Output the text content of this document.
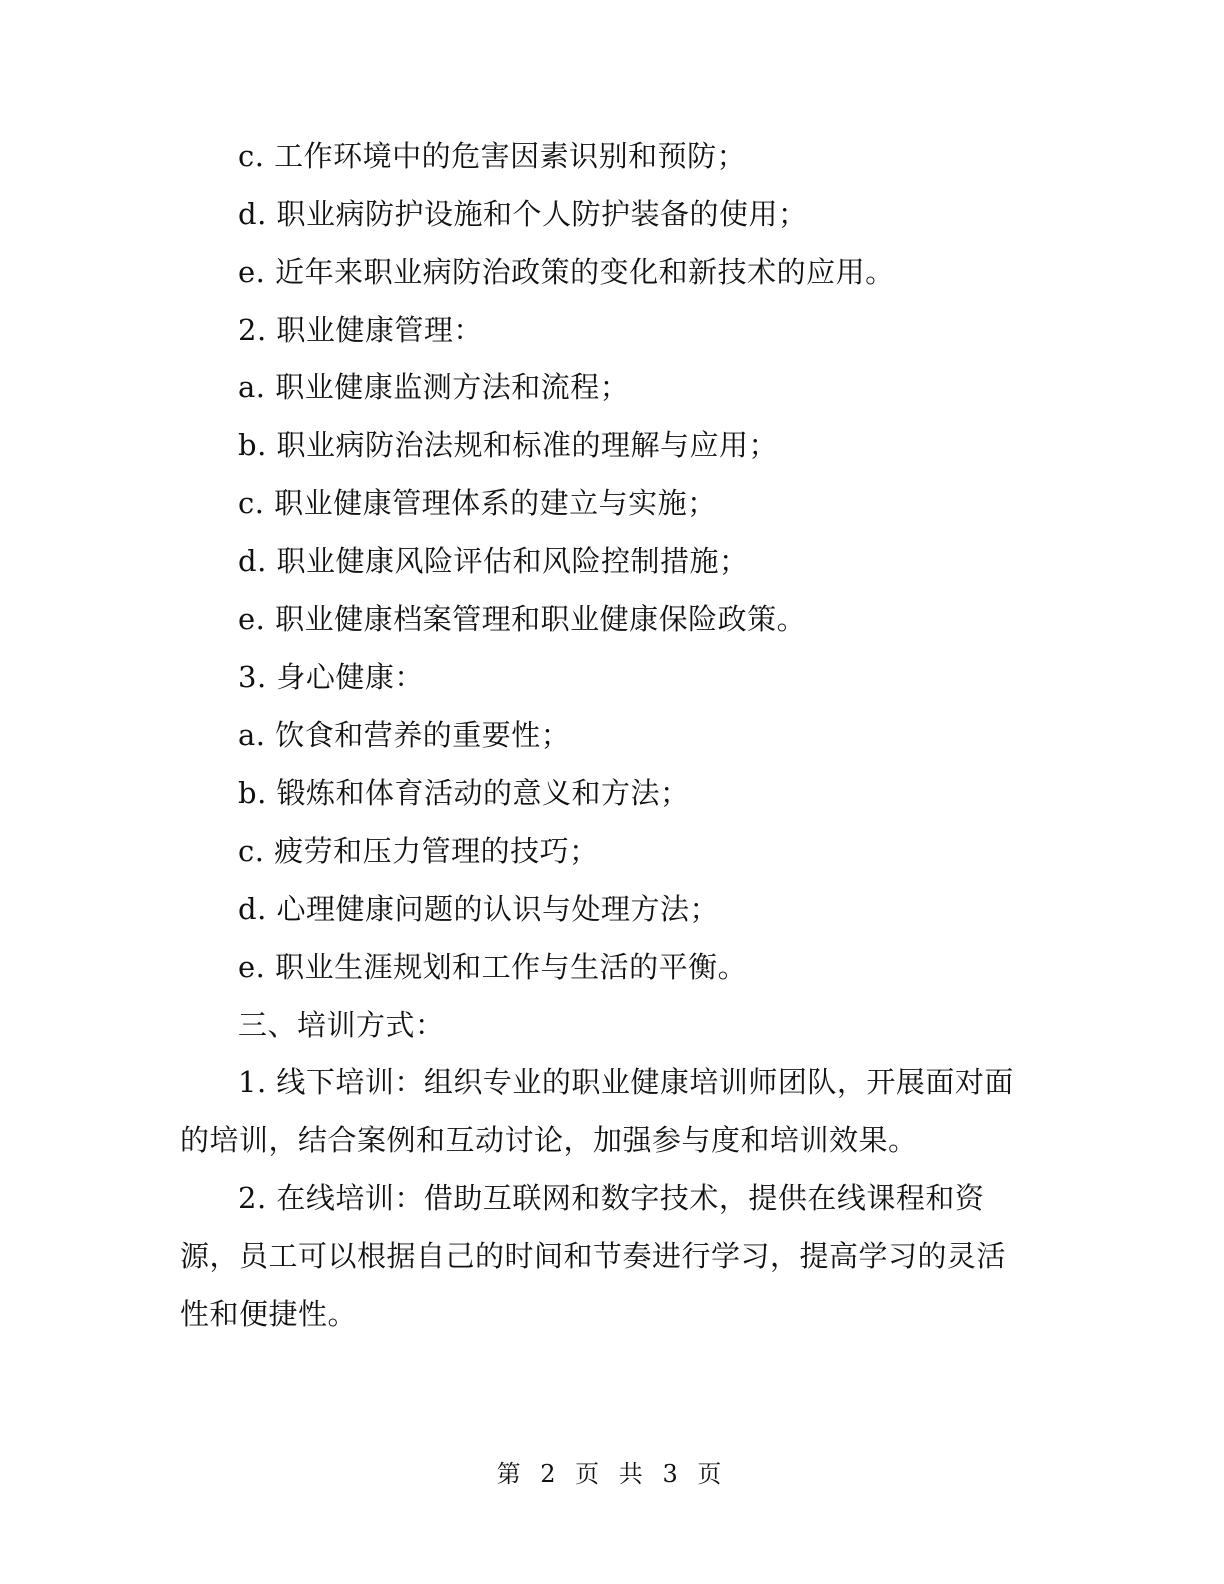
c. 工作环境中的危害因素识别和预防；
d. 职业病防护设施和个人防护装备的使用；
e. 近年来职业病防治政策的变化和新技术的应用。
2. 职业健康管理：
a. 职业健康监测方法和流程；
b. 职业病防治法规和标准的理解与应用；
c. 职业健康管理体系的建立与实施；
d. 职业健康风险评估和风险控制措施；
e. 职业健康档案管理和职业健康保险政策。
3. 身心健康：
a. 饮食和营养的重要性；
b. 锻炼和体育活动的意义和方法；
c. 疲劳和压力管理的技巧；
d. 心理健康问题的认识与处理方法；
e. 职业生涯规划和工作与生活的平衡。
三、培训方式：
1. 线下培训：组织专业的职业健康培训师团队，开展面对面
的培训，结合案例和互动讨论，加强参与度和培训效果。
2. 在线培训：借助互联网和数字技术，提供在线课程和资
源，员工可以根据自己的时间和节奏进行学习，提高学习的灵活
性和便捷性。
第 2 页 共 3 页
